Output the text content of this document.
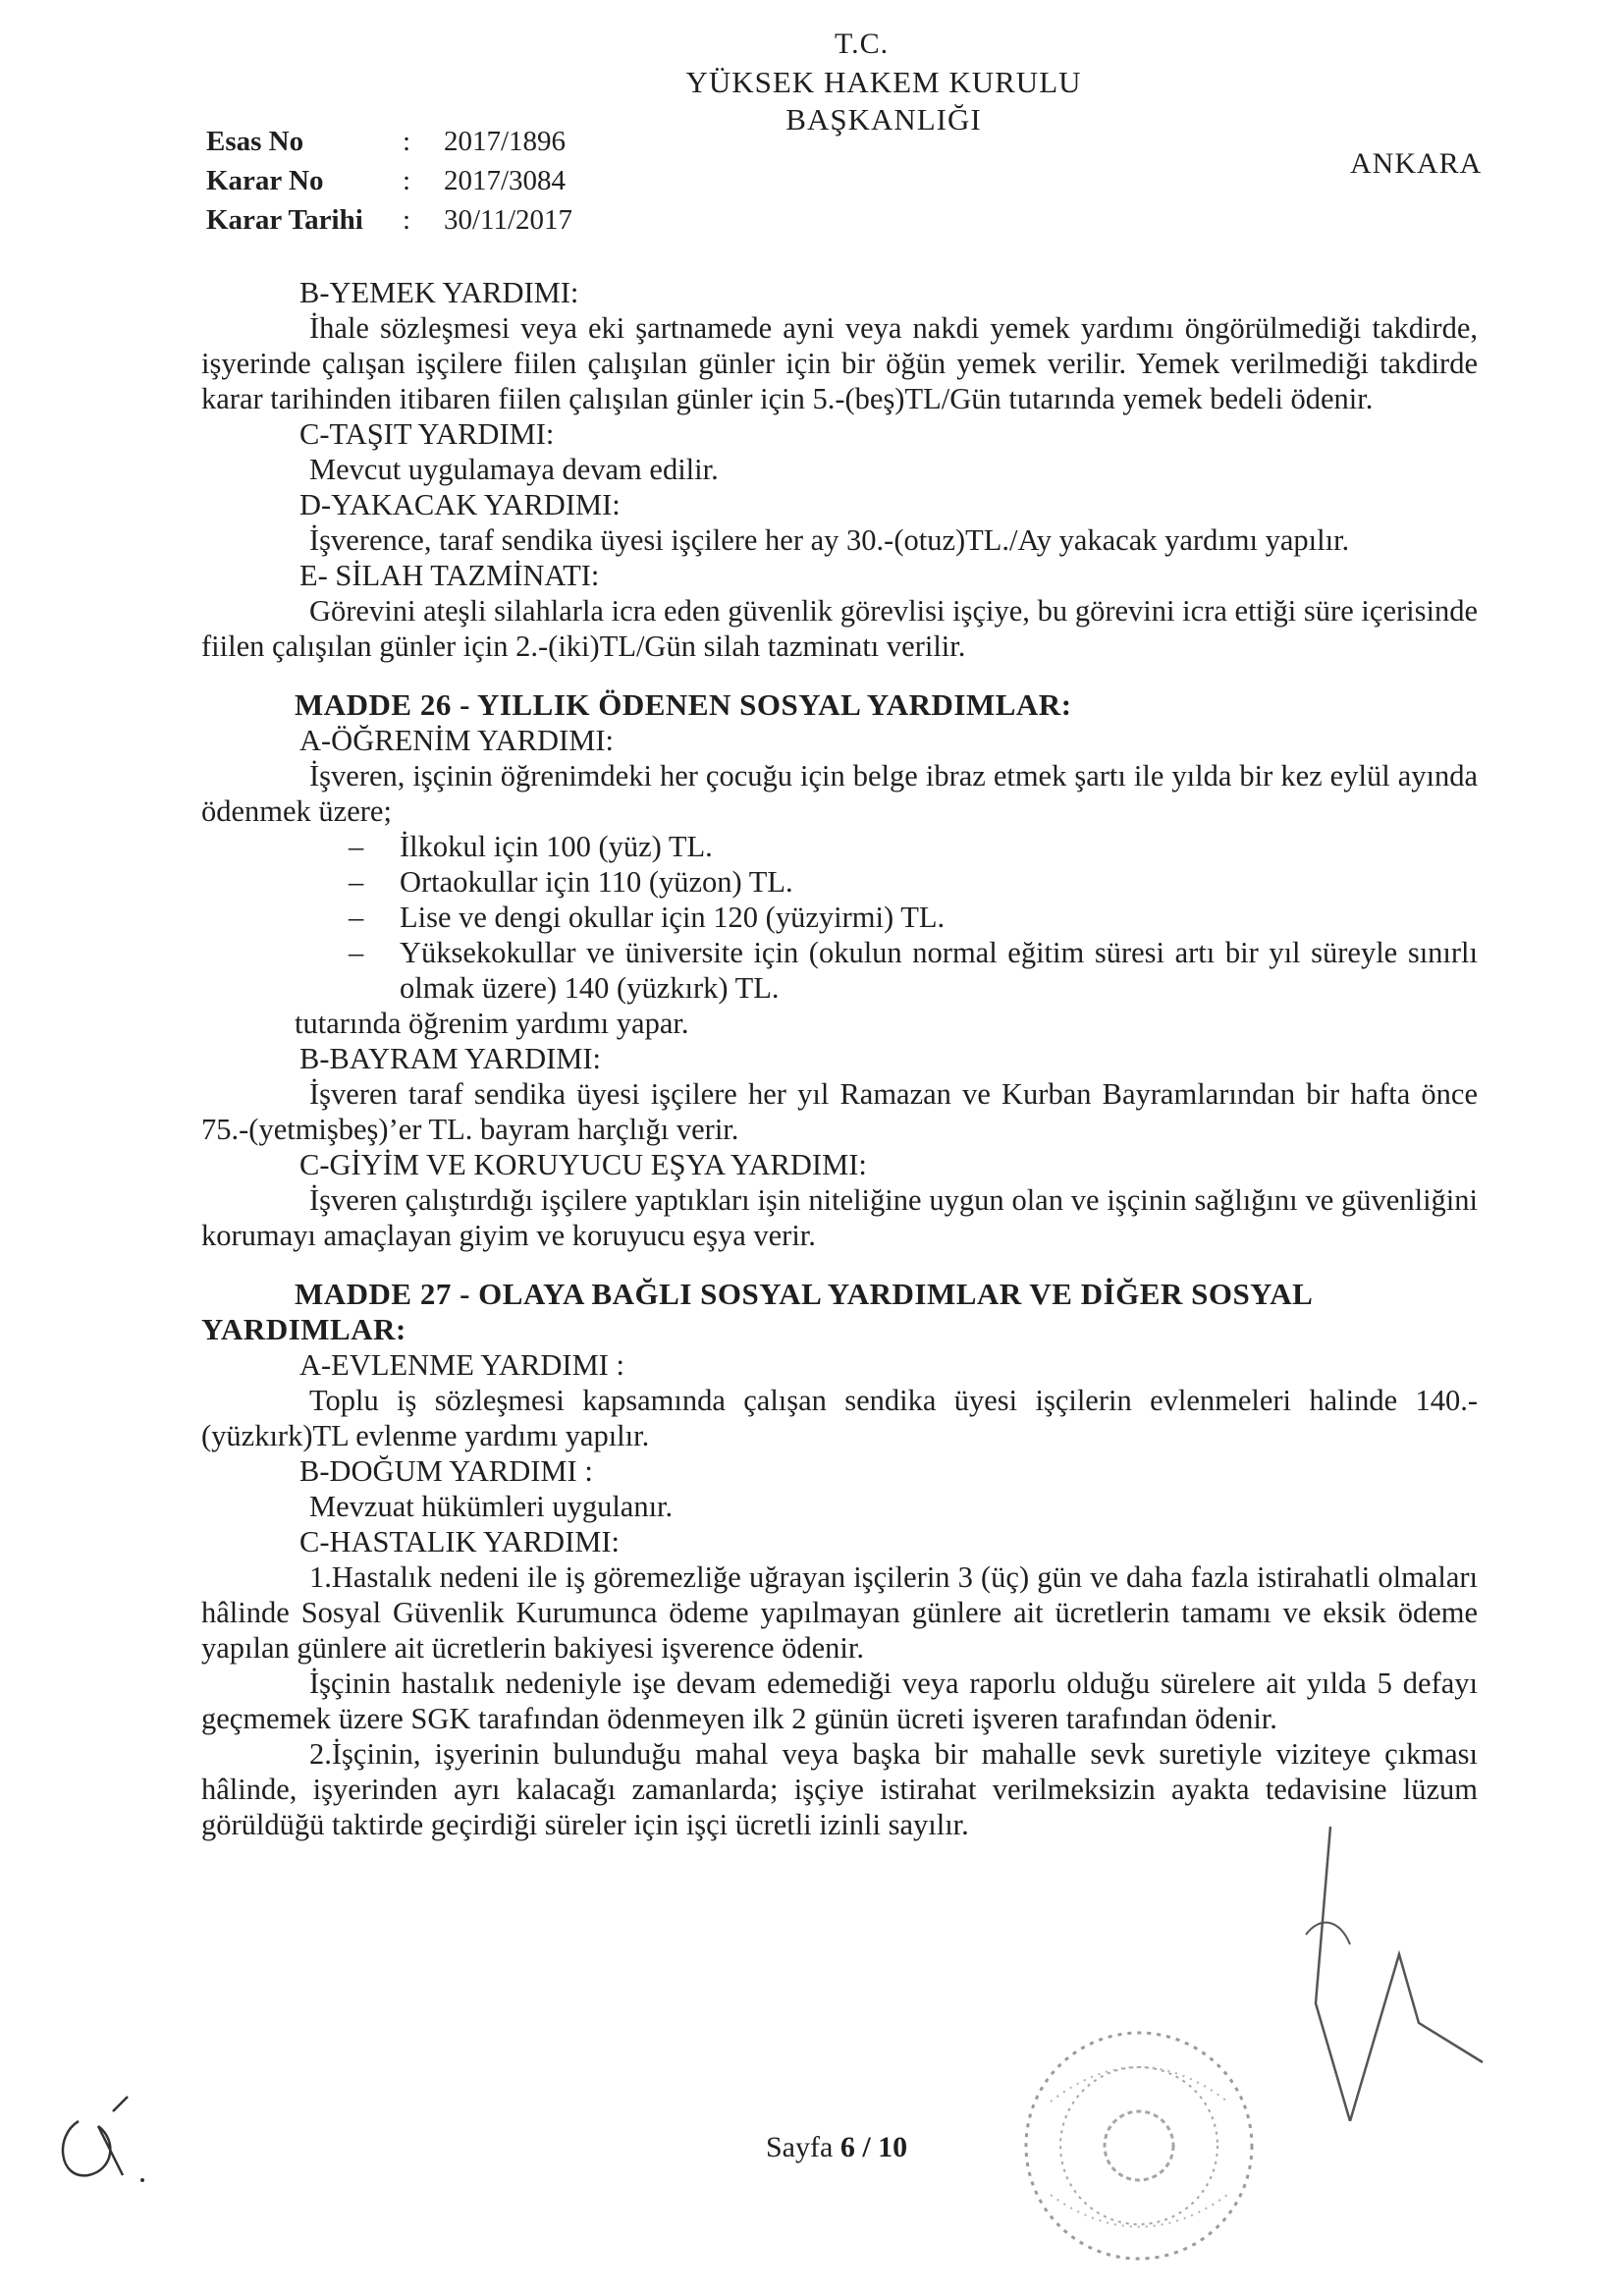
T.C.
YÜKSEK HAKEM KURULU
BAŞKANLIĞI
Esas No	: 2017/1896
Karar No	: 2017/3084
Karar Tarihi : 30/11/2017
ANKARA

B-YEMEK YARDIMI:

İhale sözleşmesi veya eki şartnamede ayni veya nakdi yemek yardımı öngörülmediği takdirde, işyerinde çalışan işçilere fiilen çalışılan günler için bir öğün yemek verilir. Yemek verilmediği takdirde karar tarihinden itibaren fiilen çalışılan günler için 5.-(beş)TL/Gün tutarında yemek bedeli ödenir.

C-TAŞIT YARDIMI:

Mevcut uygulamaya devam edilir.

D-YAKACAK YARDIMI:

İşverence, taraf sendika üyesi işçilere her ay 30.-(otuz)TL./Ay yakacak yardımı yapılır.

E- SİLAH TAZMİNATI:

Görevini ateşli silahlarla icra eden güvenlik görevlisi işçiye, bu görevini icra ettiği süre içerisinde fiilen çalışılan günler için 2.-(iki)TL/Gün silah tazminatı verilir.

MADDE 26 - YILLIK ÖDENEN SOSYAL YARDIMLAR:

A-ÖĞRENİM YARDIMI:

İşveren, işçinin öğrenimdeki her çocuğu için belge ibraz etmek şartı ile yılda bir kez eylül ayında ödenmek üzere;

– İlkokul için 100 (yüz) TL.
– Ortaokullar için 110 (yüzon) TL.
– Lise ve dengi okullar için 120 (yüzyirmi) TL.
– Yüksekokullar ve üniversite için (okulun normal eğitim süresi artı bir yıl süreyle sınırlı olmak üzere) 140 (yüzkırk) TL.

tutarında öğrenim yardımı yapar.

B-BAYRAM YARDIMI:

İşveren taraf sendika üyesi işçilere her yıl Ramazan ve Kurban Bayramlarından bir hafta önce 75.-(yetmişbeş)’er TL. bayram harçlığı verir.

C-GİYİM VE KORUYUCU EŞYA YARDIMI:

İşveren çalıştırdığı işçilere yaptıkları işin niteliğine uygun olan ve işçinin sağlığını ve güvenliğini korumayı amaçlayan giyim ve koruyucu eşya verir.

MADDE 27 - OLAYA BAĞLI SOSYAL YARDIMLAR VE DİĞER SOSYAL YARDIMLAR:

A-EVLENME YARDIMI :

Toplu iş sözleşmesi kapsamında çalışan sendika üyesi işçilerin evlenmeleri halinde 140.-(yüzkırk)TL evlenme yardımı yapılır.

B-DOĞUM YARDIMI :

Mevzuat hükümleri uygulanır.

C-HASTALIK YARDIMI:

1.Hastalık nedeni ile iş göremezliğe uğrayan işçilerin 3 (üç) gün ve daha fazla istirahatli olmaları hâlinde Sosyal Güvenlik Kurumunca ödeme yapılmayan günlere ait ücretlerin tamamı ve eksik ödeme yapılan günlere ait ücretlerin bakiyesi işverence ödenir.

İşçinin hastalık nedeniyle işe devam edemediği veya raporlu olduğu sürelere ait yılda 5 defayı geçmemek üzere SGK tarafından ödenmeyen ilk 2 günün ücreti işveren tarafından ödenir.

2.İşçinin, işyerinin bulunduğu mahal veya başka bir mahalle sevk suretiyle viziteye çıkması hâlinde, işyerinden ayrı kalacağı zamanlarda; işçiye istirahat verilmeksizin ayakta tedavisine lüzum görüldüğü taktirde geçirdiği süreler için işçi ücretli izinli sayılır.

Sayfa 6 / 10
